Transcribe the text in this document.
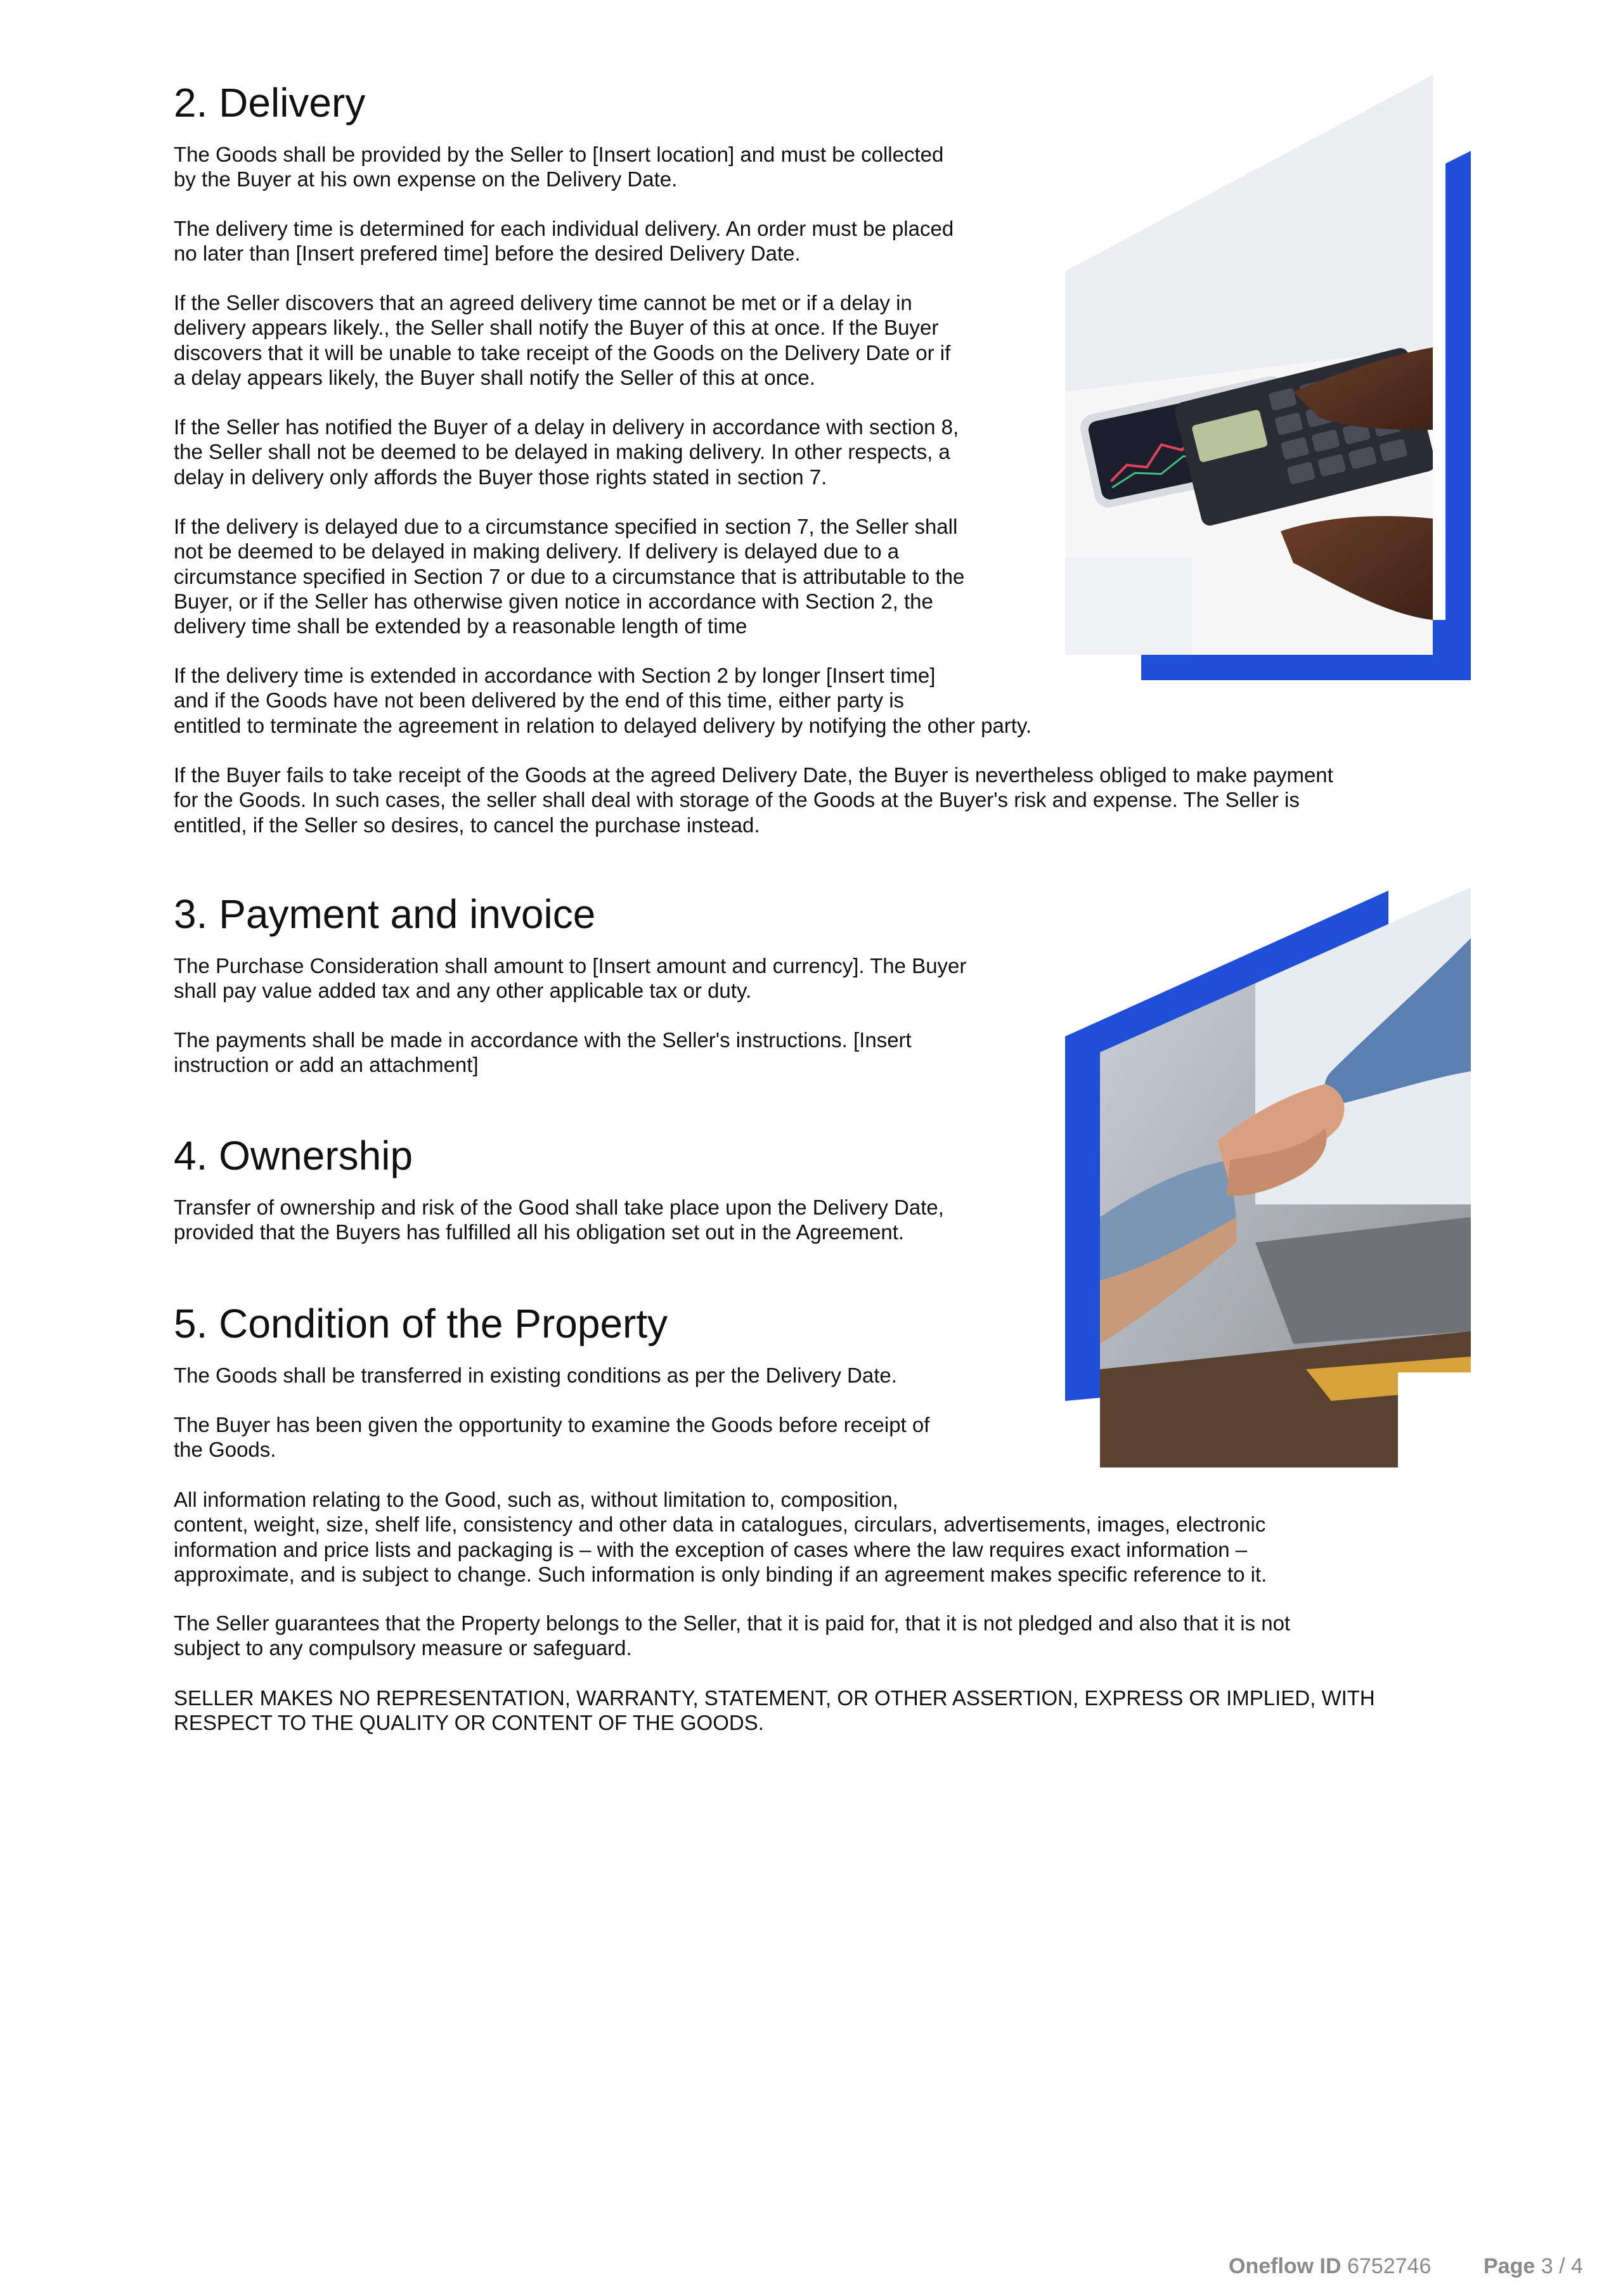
2. Delivery

The Goods shall be provided by the Seller to [Insert location] and must be collected
by the Buyer at his own expense on the Delivery Date.

The delivery time is determined for each individual delivery. An order must be placed
no later than [Insert prefered time] before the desired Delivery Date.

If the Seller discovers that an agreed delivery time cannot be met or if a delay in
delivery appears likely., the Seller shall notify the Buyer of this at once. If the Buyer
discovers that it will be unable to take receipt of the Goods on the Delivery Date or if
a delay appears likely, the Buyer shall notify the Seller of this at once.

If the Seller has notified the Buyer of a delay in delivery in accordance with section 8,
the Seller shall not be deemed to be delayed in making delivery. In other respects, a
delay in delivery only affords the Buyer those rights stated in section 7.

If the delivery is delayed due to a circumstance specified in section 7, the Seller shall
not be deemed to be delayed in making delivery. If delivery is delayed due to a
circumstance specified in Section 7 or due to a circumstance that is attributable to the
Buyer, or if the Seller has otherwise given notice in accordance with Section 2, the
delivery time shall be extended by a reasonable length of time

If the delivery time is extended in accordance with Section 2 by longer [Insert time]
and if the Goods have not been delivered by the end of this time, either party is
entitled to terminate the agreement in relation to delayed delivery by notifying the other party.

If the Buyer fails to take receipt of the Goods at the agreed Delivery Date, the Buyer is nevertheless obliged to make payment
for the Goods. In such cases, the seller shall deal with storage of the Goods at the Buyer's risk and expense. The Seller is
entitled, if the Seller so desires, to cancel the purchase instead.

3. Payment and invoice

The Purchase Consideration shall amount to [Insert amount and currency]. The Buyer
shall pay value added tax and any other applicable tax or duty.

The payments shall be made in accordance with the Seller's instructions. [Insert
instruction or add an attachment]

4. Ownership

Transfer of ownership and risk of the Good shall take place upon the Delivery Date,
provided that the Buyers has fulfilled all his obligation set out in the Agreement.

5. Condition of the Property

The Goods shall be transferred in existing conditions as per the Delivery Date.

The Buyer has been given the opportunity to examine the Goods before receipt of
the Goods.

All information relating to the Good, such as, without limitation to, composition,
content, weight, size, shelf life, consistency and other data in catalogues, circulars, advertisements, images, electronic
information and price lists and packaging is – with the exception of cases where the law requires exact information –
approximate, and is subject to change. Such information is only binding if an agreement makes specific reference to it.

The Seller guarantees that the Property belongs to the Seller, that it is paid for, that it is not pledged and also that it is not
subject to any compulsory measure or safeguard.

SELLER MAKES NO REPRESENTATION, WARRANTY, STATEMENT, OR OTHER ASSERTION, EXPRESS OR IMPLIED, WITH
RESPECT TO THE QUALITY OR CONTENT OF THE GOODS.

Oneflow ID 6752746 Page 3 / 4
